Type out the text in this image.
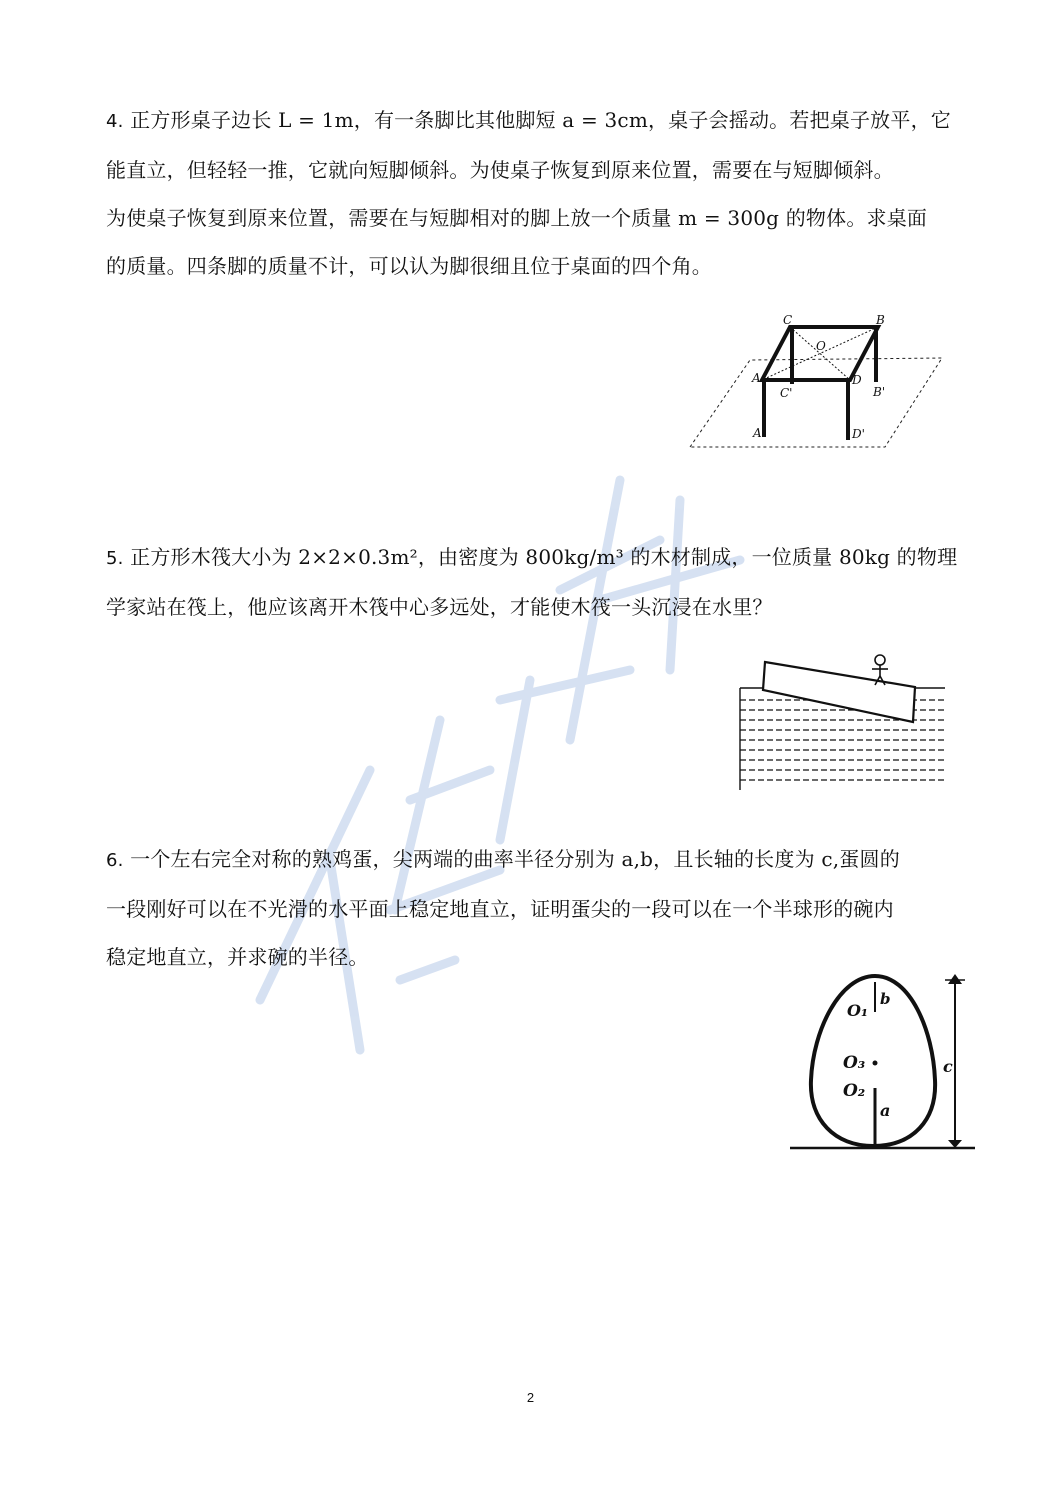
4. 正方形桌子边长 L = 1m，有一条脚比其他脚短 a = 3cm，桌子会摇动。若把桌子放平，它
能直立，但轻轻一推，它就向短脚倾斜。为使桌子恢复到原来位置，需要在与短脚倾斜。
为使桌子恢复到原来位置，需要在与短脚相对的脚上放一个质量 m = 300g 的物体。求桌面
的质量。四条脚的质量不计，可以认为脚很细且位于桌面的四个角。
C	B
O
A	D
C'	B'
A	D'
5. 正方形木筏大小为 2×2×0.3m²，由密度为 800kg/m³ 的木材制成，一位质量 80kg 的物理
学家站在筏上，他应该离开木筏中心多远处，才能使木筏一头沉浸在水里？
6. 一个左右完全对称的熟鸡蛋，尖两端的曲率半径分别为 a,b，且长轴的长度为 c,蛋圆的
一段刚好可以在不光滑的水平面上稳定地直立，证明蛋尖的一段可以在一个半球形的碗内
稳定地直立，并求碗的半径。
O₁
b
O₃
O₂
a
c
2
